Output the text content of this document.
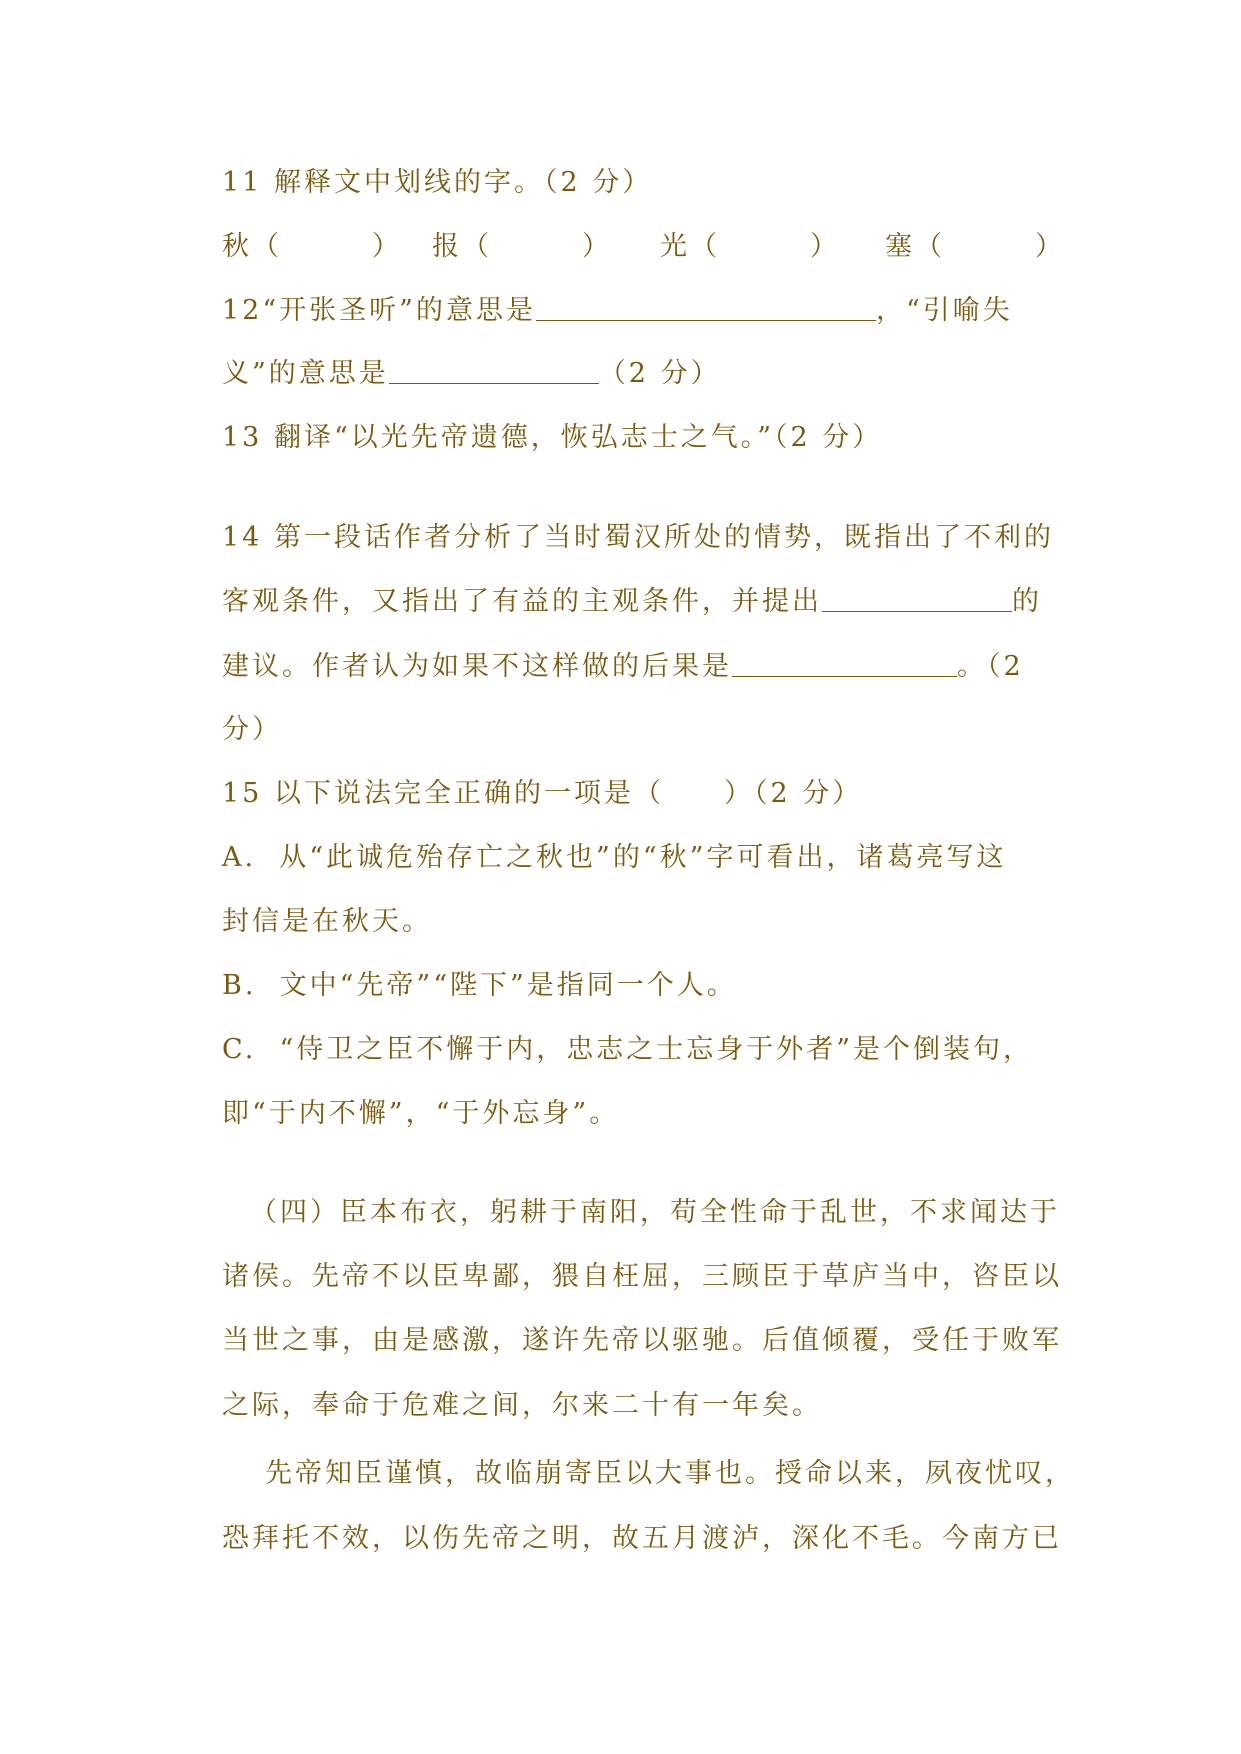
11 解释文中划线的字。（2 分）
秋（　　　） 报（　　　） 光（　　　） 塞（　　　）
12“开张圣听”的意思是	，“引喻失
义”的意思是	（2 分）
13 翻译“以光先帝遗德，恢弘志士之气。”（2 分）
14 第一段话作者分析了当时蜀汉所处的情势，既指出了不利的
客观条件，又指出了有益的主观条件，并提出	的
建议。作者认为如果不这样做的后果是	。（2
分）
15 以下说法完全正确的一项是（　　）（2 分）
A.  从“此诚危殆存亡之秋也”的“秋”字可看出，诸葛亮写这
封信是在秋天。
B.  文中“先帝”“陛下”是指同一个人。
C.  “侍卫之臣不懈于内，忠志之士忘身于外者”是个倒装句，
即“于内不懈”，“于外忘身”。
（四）臣本布衣，躬耕于南阳，苟全性命于乱世，不求闻达于
诸侯。先帝不以臣卑鄙，猥自枉屈，三顾臣于草庐当中，咨臣以
当世之事，由是感激，遂许先帝以驱驰。后值倾覆，受任于败军
之际，奉命于危难之间，尔来二十有一年矣。
先帝知臣谨慎，故临崩寄臣以大事也。授命以来，夙夜忧叹，
恐拜托不效，以伤先帝之明，故五月渡泸，深化不毛。今南方已
